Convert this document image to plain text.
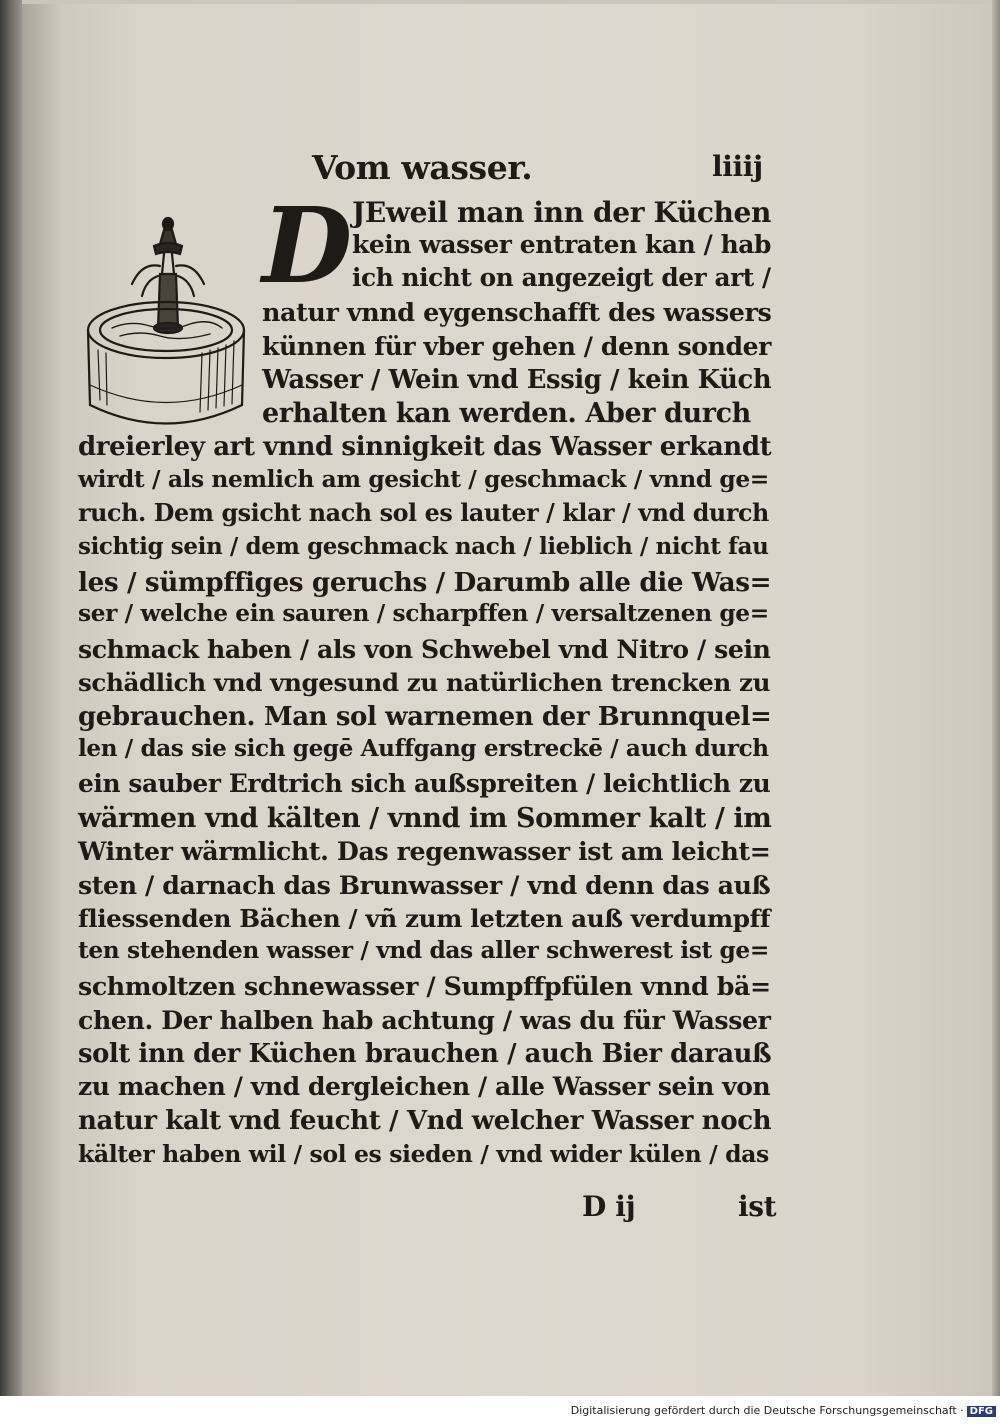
Vom wasser.	liiij

D JEweil man inn der Küchen

kein wasser entraten kan / hab

ich nicht on angezeigt der art /

natur vnnd eygenschafft des wassers

künnen für vber gehen / denn sonder

Wasser / Wein vnd Essig / kein Küch

erhalten kan werden. Aber durch

dreierley art vnnd sinnigkeit das Wasser erkandt

wirdt / als nemlich am gesicht / geschmack / vnnd ge=

ruch. Dem gsicht nach sol es lauter / klar / vnd durch

sichtig sein / dem geschmack nach / lieblich / nicht fau

les / sümpffiges geruchs / Darumb alle die Was=

ser / welche ein sauren / scharpffen / versaltzenen ge=

schmack haben / als von Schwebel vnd Nitro / sein

schädlich vnd vngesund zu natürlichen trencken zu

gebrauchen. Man sol warnemen der Brunnquel=

len / das sie sich gegē Auffgang erstreckē / auch durch

ein sauber Erdtrich sich außspreiten / leichtlich zu

wärmen vnd kälten / vnnd im Sommer kalt / im

Winter wärmlicht. Das regenwasser ist am leicht=

sten / darnach das Brunwasser / vnd denn das auß

fliessenden Bächen / vñ zum letzten auß verdumpff

ten stehenden wasser / vnd das aller schwerest ist ge=

schmoltzen schnewasser / Sumpffpfülen vnnd bä=

chen. Der halben hab achtung / was du für Wasser

solt inn der Küchen brauchen / auch Bier darauß

zu machen / vnd dergleichen / alle Wasser sein von

natur kalt vnd feucht / Vnd welcher Wasser noch

kälter haben wil / sol es sieden / vnd wider külen / das

D ij	ist

Digitalisierung gefördert durch die Deutsche Forschungsgemeinschaft · DFG
